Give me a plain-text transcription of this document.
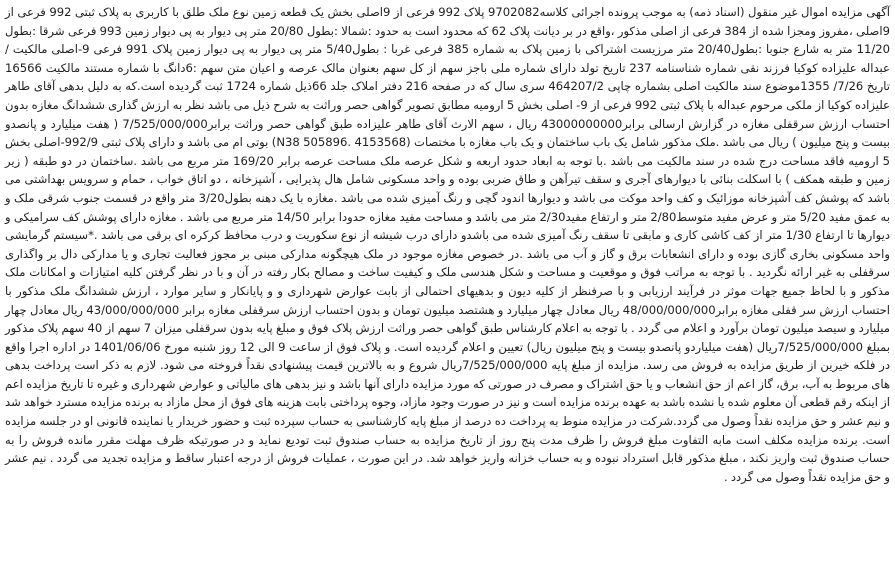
آگهی مزایده اموال غیر منقول (اسناد ذمه) به موجب پرونده اجرائی کلاسه9702082 پلاک 992 فرعی از 9اصلی بخش یک قطعه زمین نوع ملک طلق با کاربری به پلاک ثبتی 992 فرعی از 9اصلی ،مفروز ومجزا شده از 384 فرعی از اصلی مذکور ،واقع در بر دیانت پلاک 62 که محدود است به حدود :شمالا :بطول 20/80 متر پی دیوار به پی دیوار زمین 993 فرعی شرقا :بطول 11/20 متر به شارع جنوبا :بطول20/40 متر مرزیست اشتراکی با زمین پلاک به شماره 385 فرعی غربا : بطول5/40 متر پی دیوار به پی دیوار زمین پلاک 991 فرعی 9-اصلی مالکیت / عبداله علیزاده کوکیا فرزند نقی شماره شناسنامه 237 تاریخ تولد دارای شماره ملی باجز سهم از کل سهم بعنوان مالک عرصه و اعیان متن سهم :6دانگ با شماره مستند مالکیت 16566 تاریخ 7/26/ 1355موضوع سند مالکیت اصلی بشماره چاپی 464207/2 سری سال که در صفحه 216 دفتر املاک جلد 66ذیل شماره 1724 ثبت گردیده است.که به دلیل بدهی آقای طاهر علیزاده کوکیا از ملکی مرحوم عبداله با پلاک ثبتی 992 فرعی از 9- اصلی بخش 5 ارومیه مطابق تصویر گواهی حصر وراثت به شرح ذیل می باشد نظر به ارزش گذاری ششدانگ مغازه بدون احتساب ارزش سرقفلی مغازه در گزارش ارسالی برابر43000000000 ریال ، سهم الارث آقای طاهر علیزاده طبق گواهی حصر وراثت برابر7/525/000/000 ( هفت میلیارد و پانصدو بیست و پنج میلیون ) ریال می باشد .ملک مذکور شامل یک باب ساختمان و یک باب مغازه با مختصات (N38 505896. 4153568) بوتی ام می باشد و دارای پلاک ثبتی 992/9-اصلی بخش 5 ارومیه فاقد مساحت درج شده در سند مالکیت می باشد .با توجه به ابعاد حدود اربعه و شکل عرصه ملک مساحت عرصه برابر 169/20 متر مربع می باشد .ساختمان در دو طبقه ( زیر زمین و طبقه همکف ) با اسکلت بنائی با دیوارهای آجری و سقف تیرآهن و طاق ضربی بوده و واحد مسکونی شامل هال پذیرایی ، آشپزخانه ، دو اتاق خواب ، حمام و سرویس بهداشتی می باشد که پوشش کف آشپزخانه موزائیک و کف واحد موکت می باشد و دیوارها اندود گچی و رنگ آمیزی شده می باشد .مغازه با یک دهنه بطول3/20 متر واقع در قسمت جنوب شرقی ملک و به عمق مفید 5/20 متر و عرض مفید متوسط2/80 متر و ارتفاع مفید2/30 متر می باشد و مساحت مفید مغازه حدودا برابر 14/50 متر مربع می باشد . مغازه دارای پوشش کف سرامیکی و دیوارها تا ارتفاع 1/30 متر از کف کاشی کاری و مابقی تا سقف رنگ آمیزی شده می باشدو دارای درب شیشه از نوع سکوریت و درب محافظ کرکره ای برقی می باشد .*سیستم گرمایشی واحد مسکونی بخاری گازی بوده و دارای انشعابات برق و گاز و آب می باشد .در خصوص مغازه موجود در ملک هیچگونه مدارکی مبنی بر مجوز فعالیت تجاری و یا مدارکی دال بر واگذاری سرقفلی به غیر ارائه نگردید . با توجه به مراتب فوق و موقعیت و مساحت و شکل هندسی ملک و کیفیت ساخت و مصالح بکار رفته در آن و با در نظر گرفتن کلیه امتیازات و امکانات ملک مذکور و با لحاظ جمیع جهات موثر در فرآیند ارزیابی و با صرفنظر از کلیه دیون و بدهیهای احتمالی از بابت عوارض شهرداری و و پایانکار و سایر موارد ، ارزش ششدانگ ملک مذکور با احتساب ارزش سر قفلی مغازه برابر48/000/000/000 ریال معادل چهار میلیارد و هشتصد میلیون تومان و بدون احتساب ارزش سرقفلی مغازه برابر 43/000/000/000 ریال معادل چهار میلیارد و سیصد میلیون تومان برآورد و اعلام می گردد . با توجه به اعلام کارشناس طبق گواهی حصر وراثت ارزش پلاک فوق و مبلغ پایه بدون سرقفلی میزان 7 سهم از 40 سهم پلاک مذکور بمبلغ 7/525/000/000ریال (هفت میلیاردو پانصدو بیست و پنج میلیون ریال) تعیین و اعلام گردیده است. و پلاک فوق از ساعت 9 الی 12 روز شنبه مورخ 1401/06/06 در اداره اجرا واقع در فلکه خیرین از طریق مزایده به فروش می رسد. مزایده از مبلغ پایه 7/525/000/000ریال شروع و به بالاترین قیمت پیشنهادی نقداً فروخته می شود. لازم به ذکر است پرداخت بدهی های مربوط به آب، برق، گاز اعم از حق انشعاب و یا حق اشتراک و مصرف در صورتی که مورد مزایده دارای آنها باشد و نیز بدهی های مالیاتی و عوارض شهرداری و غیره تا تاریخ مزایده اعم از اینکه رقم قطعی آن معلوم شده یا نشده باشد به عهده برنده مزایده است و نیز در صورت وجود مازاد، وجوه پرداختی بابت هزینه های فوق از محل مازاد به برنده مزایده مسترد خواهد شد و نیم عشر و حق مزایده نقداً وصول می گردد.شرکت در مزایده منوط به پرداخت ده درصد از مبلغ پایه کارشناسی به حساب سپرده ثبت و حضور خریدار یا نماینده قانونی او در جلسه مزایده است. برنده مزایده مکلف است مابه التفاوت مبلغ فروش را ظرف مدت پنج روز از تاریخ مزایده به حساب صندوق ثبت تودیع نماید و در صورتیکه ظرف مهلت مقرر مانده فروش را به حساب صندوق ثبت واریز نکند ، مبلغ مذکور قابل استرداد نبوده و به حساب خزانه واریز خواهد شد. در این صورت ، عملیات فروش از درجه اعتبار ساقط و مزایده تجدید می گردد . نیم عشر و حق مزایده نقداً وصول می گردد .
